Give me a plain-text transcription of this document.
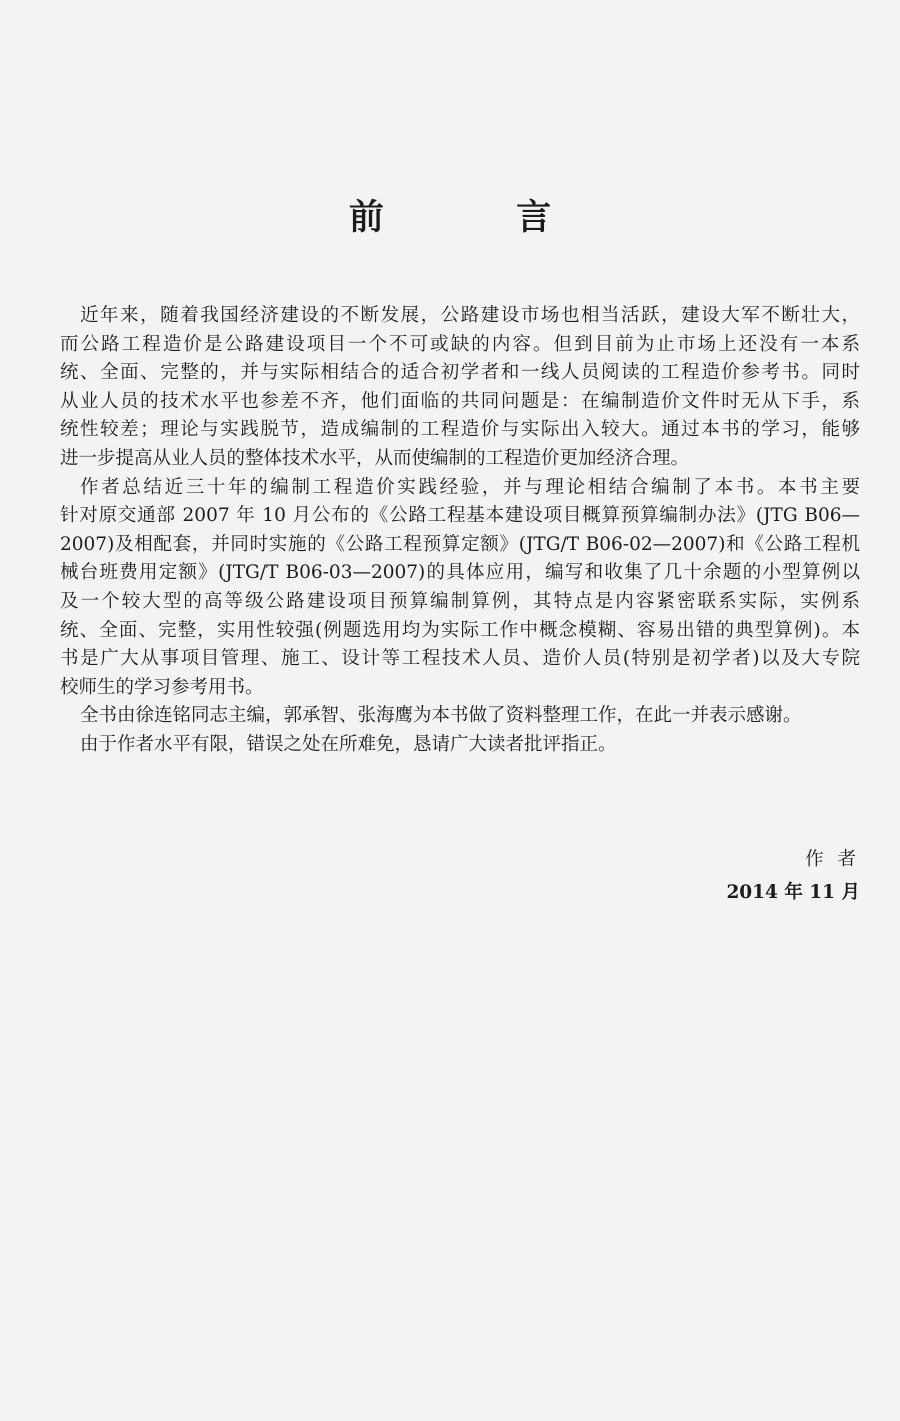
前 言
近年来，随着我国经济建设的不断发展，公路建设市场也相当活跃，建设大军不断壮大，
而公路工程造价是公路建设项目一个不可或缺的内容。但到目前为止市场上还没有一本系
统、全面、完整的，并与实际相结合的适合初学者和一线人员阅读的工程造价参考书。同时
从业人员的技术水平也参差不齐，他们面临的共同问题是：在编制造价文件时无从下手，系
统性较差；理论与实践脱节，造成编制的工程造价与实际出入较大。通过本书的学习，能够
进一步提高从业人员的整体技术水平，从而使编制的工程造价更加经济合理。
作者总结近三十年的编制工程造价实践经验，并与理论相结合编制了本书。本书主要
针对原交通部 2007 年 10 月公布的《公路工程基本建设项目概算预算编制办法》(JTG B06—
2007)及相配套，并同时实施的《公路工程预算定额》(JTG/T B06-02—2007)和《公路工程机
械台班费用定额》(JTG/T B06-03—2007)的具体应用，编写和收集了几十余题的小型算例以
及一个较大型的高等级公路建设项目预算编制算例，其特点是内容紧密联系实际，实例系
统、全面、完整，实用性较强(例题选用均为实际工作中概念模糊、容易出错的典型算例)。本
书是广大从事项目管理、施工、设计等工程技术人员、造价人员(特别是初学者)以及大专院
校师生的学习参考用书。
全书由徐连铭同志主编，郭承智、张海鹰为本书做了资料整理工作，在此一并表示感谢。
由于作者水平有限，错误之处在所难免，恳请广大读者批评指正。
作 者
2014 年 11 月
